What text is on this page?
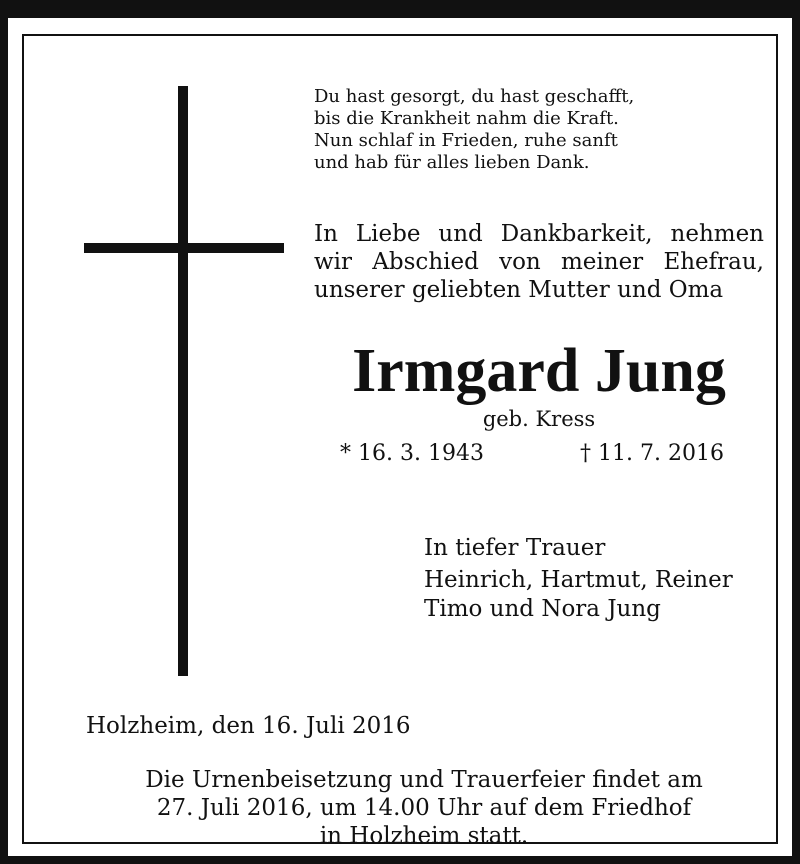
Du hast gesorgt, du hast geschafft,
bis die Krankheit nahm die Kraft.
Nun schlaf in Frieden, ruhe sanft
und hab für alles lieben Dank.
In Liebe und Dankbarkeit, nehmen
wir Abschied von meiner Ehefrau,
unserer geliebten Mutter und Oma
Irmgard Jung
geb. Kress
* 16. 3. 1943	† 11. 7. 2016
In tiefer Trauer
Heinrich, Hartmut, Reiner
Timo und Nora Jung
Holzheim, den 16. Juli 2016
Die Urnenbeisetzung und Trauerfeier findet am
27. Juli 2016, um 14.00 Uhr auf dem Friedhof
in Holzheim statt.
